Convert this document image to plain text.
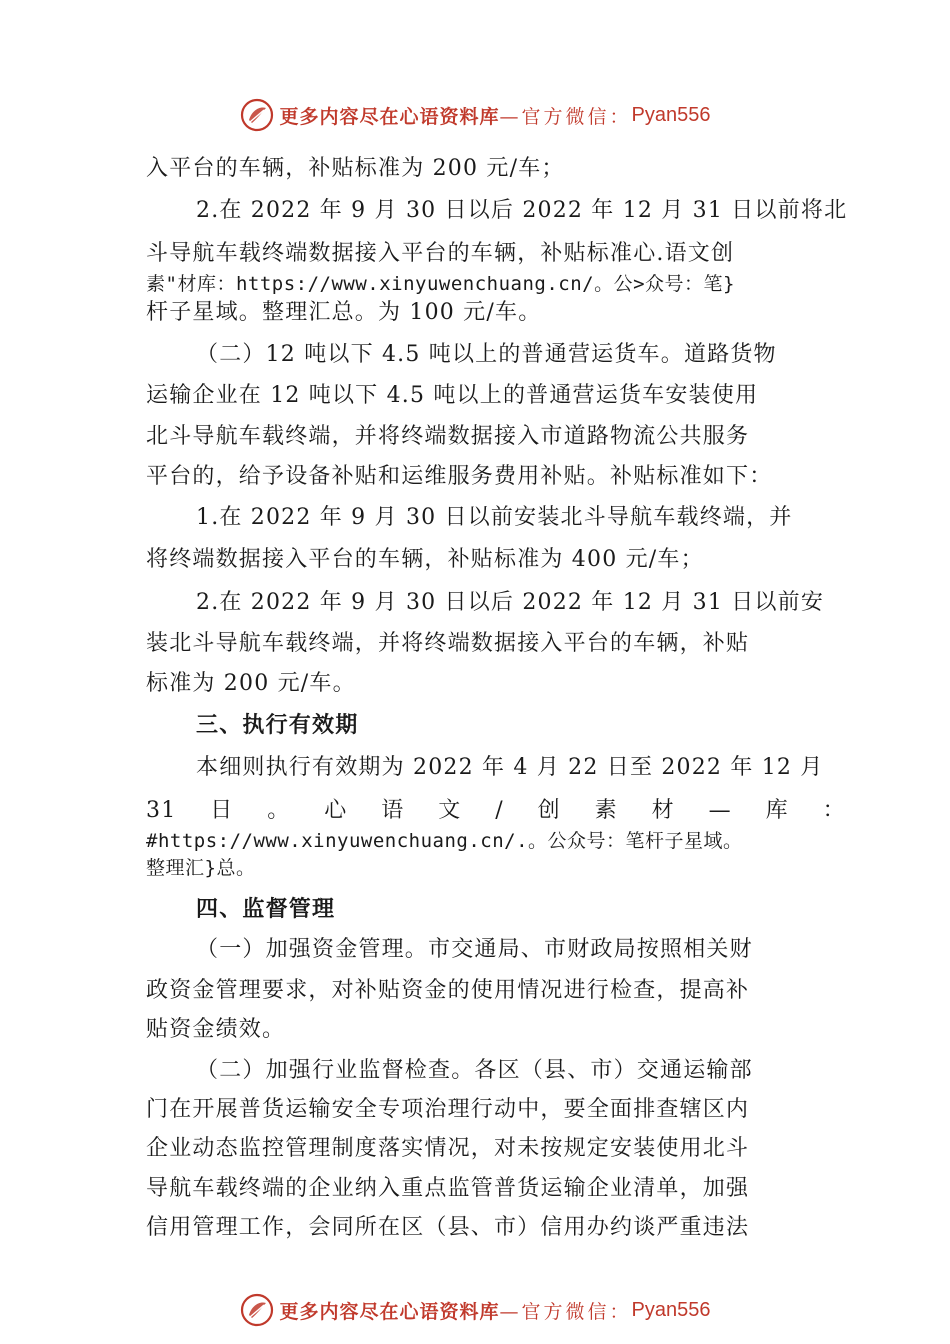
更多内容尽在心语资料库 —官方微信： Pyan556
入平台的车辆，补贴标准为 200 元/车；
2.在 2022 年 9 月 30 日以后 2022 年 12 月 31 日以前将北
斗导航车载终端数据接入平台的车辆，补贴标准心.语文创
素"材库：https://www.xinyuwenchuang.cn/。公>众号：笔}
杆子星域。整理汇总。为 100 元/车。
（二）12 吨以下 4.5 吨以上的普通营运货车。道路货物
运输企业在 12 吨以下 4.5 吨以上的普通营运货车安装使用
北斗导航车载终端，并将终端数据接入市道路物流公共服务
平台的，给予设备补贴和运维服务费用补贴。补贴标准如下：
1.在 2022 年 9 月 30 日以前安装北斗导航车载终端，并
将终端数据接入平台的车辆，补贴标准为 400 元/车；
2.在 2022 年 9 月 30 日以后 2022 年 12 月 31 日以前安
装北斗导航车载终端，并将终端数据接入平台的车辆，补贴
标准为 200 元/车。
三、执行有效期
本细则执行有效期为 2022 年 4 月 22 日至 2022 年 12 月
31 日 。 心 语 文 / 创 素 材 — 库 ：
#https://www.xinyuwenchuang.cn/.。公众号：笔杆子星域。
整理汇}总。
四、监督管理
（一）加强资金管理。市交通局、市财政局按照相关财
政资金管理要求，对补贴资金的使用情况进行检查，提高补
贴资金绩效。
（二）加强行业监督检查。各区（县、市）交通运输部
门在开展普货运输安全专项治理行动中，要全面排查辖区内
企业动态监控管理制度落实情况，对未按规定安装使用北斗
导航车载终端的企业纳入重点监管普货运输企业清单，加强
信用管理工作，会同所在区（县、市）信用办约谈严重违法
更多内容尽在心语资料库 —官方微信： Pyan556
